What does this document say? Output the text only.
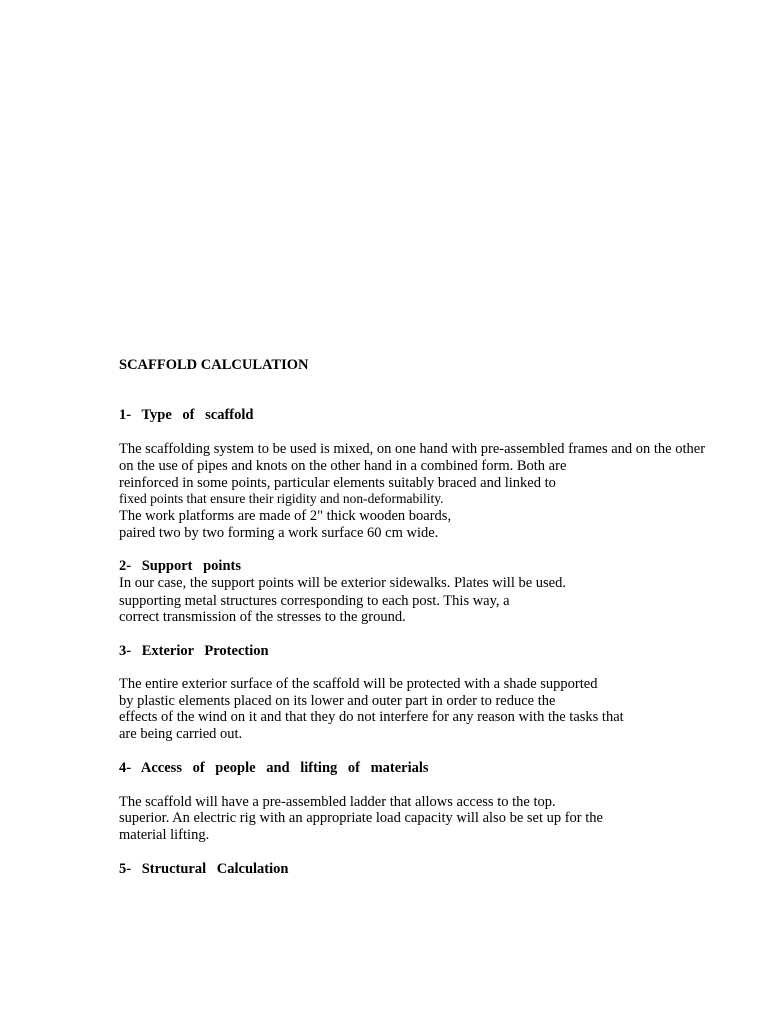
SCAFFOLD CALCULATION
1- Type of scaffold
The scaffolding system to be used is mixed, on one hand with pre-assembled frames and on the other
on the use of pipes and knots on the other hand in a combined form. Both are
reinforced in some points, particular elements suitably braced and linked to
fixed points that ensure their rigidity and non-deformability.
The work platforms are made of 2" thick wooden boards,
paired two by two forming a work surface 60 cm wide.
2- Support points
In our case, the support points will be exterior sidewalks. Plates will be used.
supporting metal structures corresponding to each post. This way, a
correct transmission of the stresses to the ground.
3- Exterior Protection
The entire exterior surface of the scaffold will be protected with a shade supported
by plastic elements placed on its lower and outer part in order to reduce the
effects of the wind on it and that they do not interfere for any reason with the tasks that
are being carried out.
4- Access of people and lifting of materials
The scaffold will have a pre-assembled ladder that allows access to the top.
superior. An electric rig with an appropriate load capacity will also be set up for the
material lifting.
5- Structural Calculation
